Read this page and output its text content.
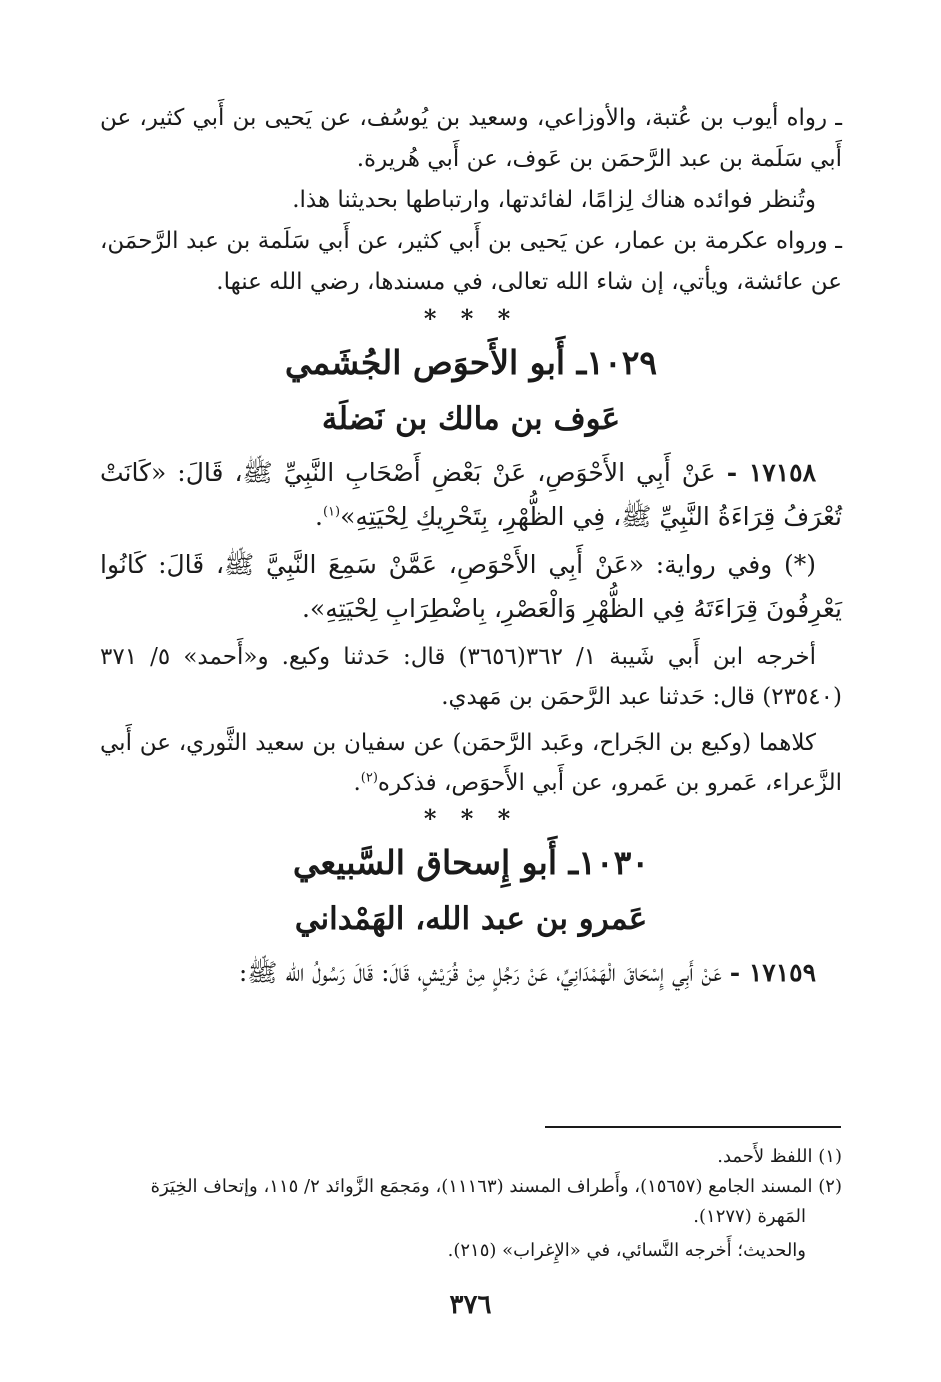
ـ رواه أيوب بن عُتبة، والأوزاعي، وسعيد بن يُوسُف، عن يَحيى بن أَبي كثير، عن أَبي سَلَمة بن عبد الرَّحمَن بن عَوف، عن أَبي هُريرة.

وتُنظر فوائده هناك لِزامًا، لفائدتها، وارتباطها بحديثنا هذا.

ـ ورواه عكرمة بن عمار، عن يَحيى بن أَبي كثير، عن أَبي سَلَمة بن عبد الرَّحمَن، عن عائشة، ويأتي، إن شاء الله تعالى، في مسندها، رضي الله عنها.

* * *

١٠٢٩ـ أَبو الأَحوَص الجُشَمي
عَوف بن مالك بن نَضلَة

١٧١٥٨ - عَنْ أَبِي الأَحْوَصِ، عَنْ بَعْضِ أَصْحَابِ النَّبِيِّ ﷺ، قَالَ: «كَانَتْ تُعْرَفُ قِرَاءَةُ النَّبِيِّ ﷺ، فِي الظُّهْرِ، بِتَحْرِيكِ لِحْيَتِهِ»$^{(١)}$.

(*) وفي رواية: «عَنْ أَبِي الأَحْوَصِ، عَمَّنْ سَمِعَ النَّبِيَّ ﷺ، قَالَ: كَانُوا يَعْرِفُونَ قِرَاءَتَهُ فِي الظُّهْرِ وَالْعَصْرِ، بِاضْطِرَابِ لِحْيَتِهِ».

أخرجه ابن أَبي شَيبة ١/ ٣٦٢(٣٦٥٦) قال: حَدثنا وكيع. و«أَحمد» ٥/ ٣٧١ (٢٣٥٤٠) قال: حَدثنا عبد الرَّحمَن بن مَهدي.

كلاهما (وكيع بن الجَراح، وعَبد الرَّحمَن) عن سفيان بن سعيد الثَّوري، عن أَبي الزَّعراء، عَمرو بن عَمرو، عن أَبي الأَحوَص، فذكره$^{(٢)}$.

* * *

١٠٣٠ـ أَبو إِسحاق السَّبيعي
عَمرو بن عبد الله، الهَمْداني

١٧١٥٩ - عَنْ أَبِي إِسْحَاقَ الْهَمْدَانِيِّ، عَنْ رَجُلٍ مِنْ قُرَيْشٍ، قَالَ: قَالَ رَسُولُ الله ﷺ:

(١) اللفظ لأَحمد.

(٢) المسند الجامع (١٥٦٥٧)، وأَطراف المسند (١١١٦٣)، ومَجمَع الزَّوائد ٢/ ١١٥، وإتحاف الخِيَرَة

المَهرة (١٢٧٧).

والحديث؛ أَخرجه النَّسائي، في «الإِغراب» (٢١٥).

٣٧٦
